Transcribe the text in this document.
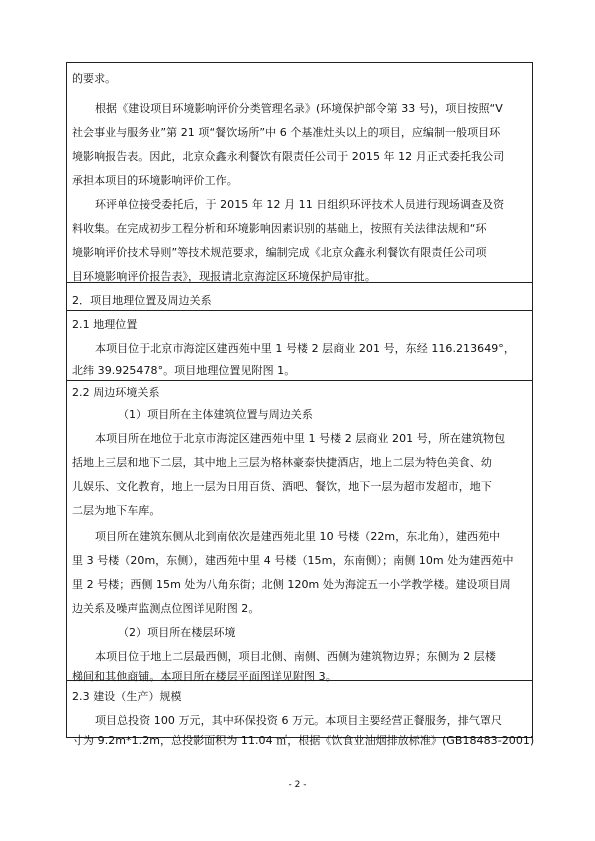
的要求。
根据《建设项目环境影响评价分类管理名录》(环境保护部令第 33 号)，项目按照“V
社会事业与服务业”第 21 项“餐饮场所”中 6 个基准灶头以上的项目，应编制一般项目环
境影响报告表。因此，北京众鑫永利餐饮有限责任公司于 2015 年 12 月正式委托我公司
承担本项目的环境影响评价工作。
环评单位接受委托后，于 2015 年 12 月 11 日组织环评技术人员进行现场调查及资
料收集。在完成初步工程分析和环境影响因素识别的基础上，按照有关法律法规和“环
境影响评价技术导则”等技术规范要求，编制完成《北京众鑫永利餐饮有限责任公司项
目环境影响评价报告表》，现报请北京海淀区环境保护局审批。
2．项目地理位置及周边关系
2.1 地理位置
本项目位于北京市海淀区建西苑中里 1 号楼 2 层商业 201 号，东经 116.213649°，
北纬 39.925478°。项目地理位置见附图 1。
2.2 周边环境关系
（1）项目所在主体建筑位置与周边关系
本项目所在地位于北京市海淀区建西苑中里 1 号楼 2 层商业 201 号，所在建筑物包
括地上三层和地下二层，其中地上三层为格林豪泰快捷酒店，地上二层为特色美食、幼
儿娱乐、文化教育，地上一层为日用百货、酒吧、餐饮，地下一层为超市发超市，地下
二层为地下车库。
项目所在建筑东侧从北到南依次是建西苑北里 10 号楼（22m，东北角），建西苑中
里 3 号楼（20m，东侧），建西苑中里 4 号楼（15m，东南侧）；南侧 10m 处为建西苑中
里 2 号楼；西侧 15m 处为八角东街；北侧 120m 处为海淀五一小学教学楼。建设项目周
边关系及噪声监测点位图详见附图 2。
（2）项目所在楼层环境
本项目位于地上二层最西侧，项目北侧、南侧、西侧为建筑物边界；东侧为 2 层楼
梯间和其他商铺。本项目所在楼层平面图详见附图 3。
2.3 建设（生产）规模
项目总投资 100 万元，其中环保投资 6 万元。本项目主要经营正餐服务，排气罩尺
寸为 9.2m*1.2m，总投影面积为 11.04 ㎡，根据《饮食业油烟排放标准》(GB18483-2001)
- 2 -
